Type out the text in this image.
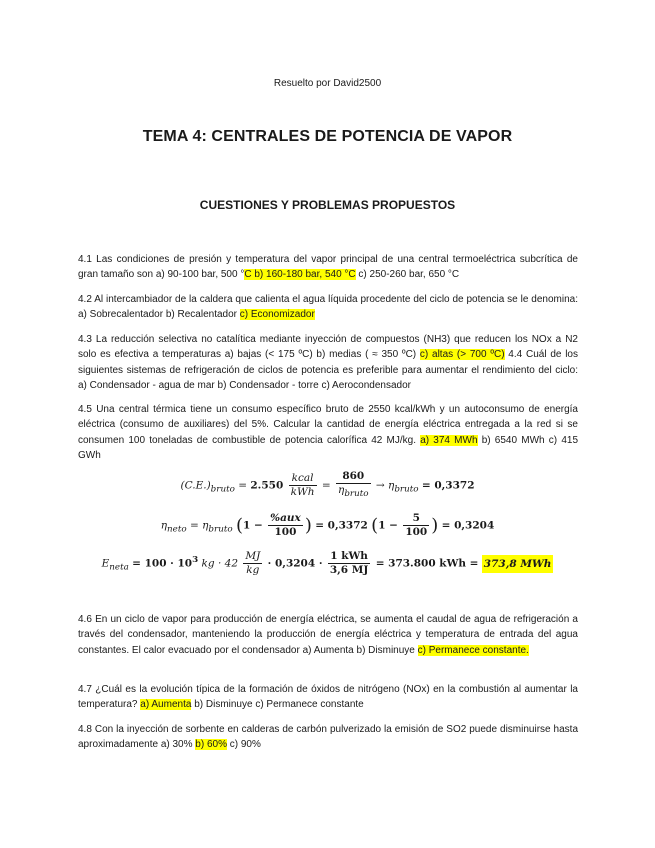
Resuelto por David2500
TEMA 4: CENTRALES DE POTENCIA DE VAPOR
CUESTIONES Y PROBLEMAS PROPUESTOS
4.1 Las condiciones de presión y temperatura del vapor principal de una central termoeléctrica subcrítica de gran tamaño son a) 90-100 bar, 500 °C b) 160-180 bar, 540 °C c) 250-260 bar, 650 °C
4.2 Al intercambiador de la caldera que calienta el agua líquida procedente del ciclo de potencia se le denomina: a) Sobrecalentador b) Recalentador c) Economizador
4.3 La reducción selectiva no catalítica mediante inyección de compuestos (NH3) que reducen los NOx a N2 solo es efectiva a temperaturas a) bajas (< 175 ºC) b) medias ( ≈ 350 ºC) c) altas (> 700 ºC) 4.4 Cuál de los siguientes sistemas de refrigeración de ciclos de potencia es preferible para aumentar el rendimiento del ciclo: a) Condensador - agua de mar b) Condensador - torre c) Aerocondensador
4.5 Una central térmica tiene un consumo específico bruto de 2550 kcal/kWh y un autoconsumo de energía eléctrica (consumo de auxiliares) del 5%. Calcular la cantidad de energía eléctrica entregada a la red si se consumen 100 toneladas de combustible de potencia calorífica 42 MJ/kg. a) 374 MWh b) 6540 MWh c) 415 GWh
$(C.E.)_{bruto} = 2.550 \frac{\text{kcal}}{\text{kWh}} = \frac{860}{\eta_{bruto}} \to \eta_{bruto} = 0,3372$
$\eta_{neto} = \eta_{bruto}$ ($1 - \frac{\text{\%aux}}{100}$ ) = 0,3372 ($1 - \frac{5}{100}$ ) = 0,3204
$E_{neta} = 100 \cdot 10^3$ kg · $42 \frac{MJ}{kg} \cdot 0,3204 \cdot \frac{\text{1 kWh}}{3,6 MJ} = 373.800$ kWh = 373,8 MWh
4.6 En un ciclo de vapor para producción de energía eléctrica, se aumenta el caudal de agua de refrigeración a través del condensador, manteniendo la producción de energía eléctrica y temperatura de entrada del agua constantes. El calor evacuado por el condensador a) Aumenta b) Disminuye c) Permanece constante.
4.7 ¿Cuál es la evolución típica de la formación de óxidos de nitrógeno (NOx) en la combustión al aumentar la temperatura? a) Aumenta b) Disminuye c) Permanece constante
4.8 Con la inyección de sorbente en calderas de carbón pulverizado la emisión de SO2 puede disminuirse hasta aproximadamente a) 30% b) 60% c) 90%
